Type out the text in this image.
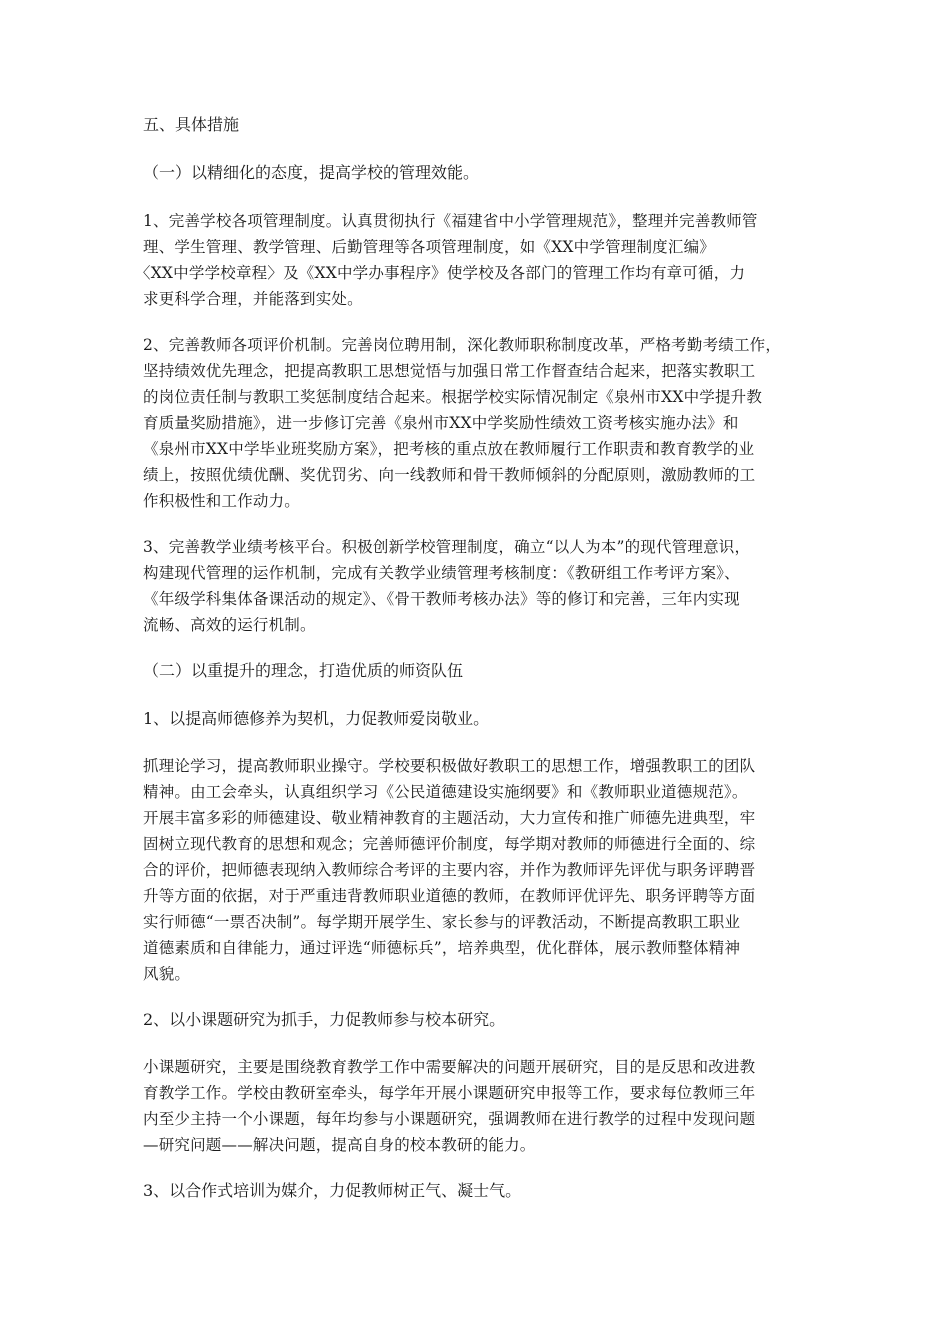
五、具体措施
（一）以精细化的态度，提高学校的管理效能。
1、完善学校各项管理制度。认真贯彻执行《福建省中小学管理规范》，整理并完善教师管
理、学生管理、教学管理、后勤管理等各项管理制度，如《XX中学管理制度汇编》
〈XX中学学校章程〉及《XX中学办事程序》使学校及各部门的管理工作均有章可循，力
求更科学合理，并能落到实处。
2、完善教师各项评价机制。完善岗位聘用制，深化教师职称制度改革，严格考勤考绩工作，
坚持绩效优先理念，把提高教职工思想觉悟与加强日常工作督查结合起来，把落实教职工
的岗位责任制与教职工奖惩制度结合起来。根据学校实际情况制定《泉州市XX中学提升教
育质量奖励措施》，进一步修订完善《泉州市XX中学奖励性绩效工资考核实施办法》和
《泉州市XX中学毕业班奖励方案》，把考核的重点放在教师履行工作职责和教育教学的业
绩上，按照优绩优酬、奖优罚劣、向一线教师和骨干教师倾斜的分配原则，激励教师的工
作积极性和工作动力。
3、完善教学业绩考核平台。积极创新学校管理制度，确立“以人为本”的现代管理意识，
构建现代管理的运作机制，完成有关教学业绩管理考核制度：《教研组工作考评方案》、
《年级学科集体备课活动的规定》、《骨干教师考核办法》等的修订和完善，三年内实现
流畅、高效的运行机制。
（二）以重提升的理念，打造优质的师资队伍
1、以提高师德修养为契机，力促教师爱岗敬业。
抓理论学习，提高教师职业操守。学校要积极做好教职工的思想工作，增强教职工的团队
精神。由工会牵头，认真组织学习《公民道德建设实施纲要》和《教师职业道德规范》。
开展丰富多彩的师德建设、敬业精神教育的主题活动，大力宣传和推广师德先进典型，牢
固树立现代教育的思想和观念；完善师德评价制度，每学期对教师的师德进行全面的、综
合的评价，把师德表现纳入教师综合考评的主要内容，并作为教师评先评优与职务评聘晋
升等方面的依据，对于严重违背教师职业道德的教师，在教师评优评先、职务评聘等方面
实行师德“一票否决制”。每学期开展学生、家长参与的评教活动，不断提高教职工职业
道德素质和自律能力，通过评选“师德标兵”，培养典型，优化群体，展示教师整体精神
风貌。
2、以小课题研究为抓手，力促教师参与校本研究。
小课题研究，主要是围绕教育教学工作中需要解决的问题开展研究，目的是反思和改进教
育教学工作。学校由教研室牵头，每学年开展小课题研究申报等工作，要求每位教师三年
内至少主持一个小课题，每年均参与小课题研究，强调教师在进行教学的过程中发现问题
—研究问题——解决问题，提高自身的校本教研的能力。
3、以合作式培训为媒介，力促教师树正气、凝士气。
